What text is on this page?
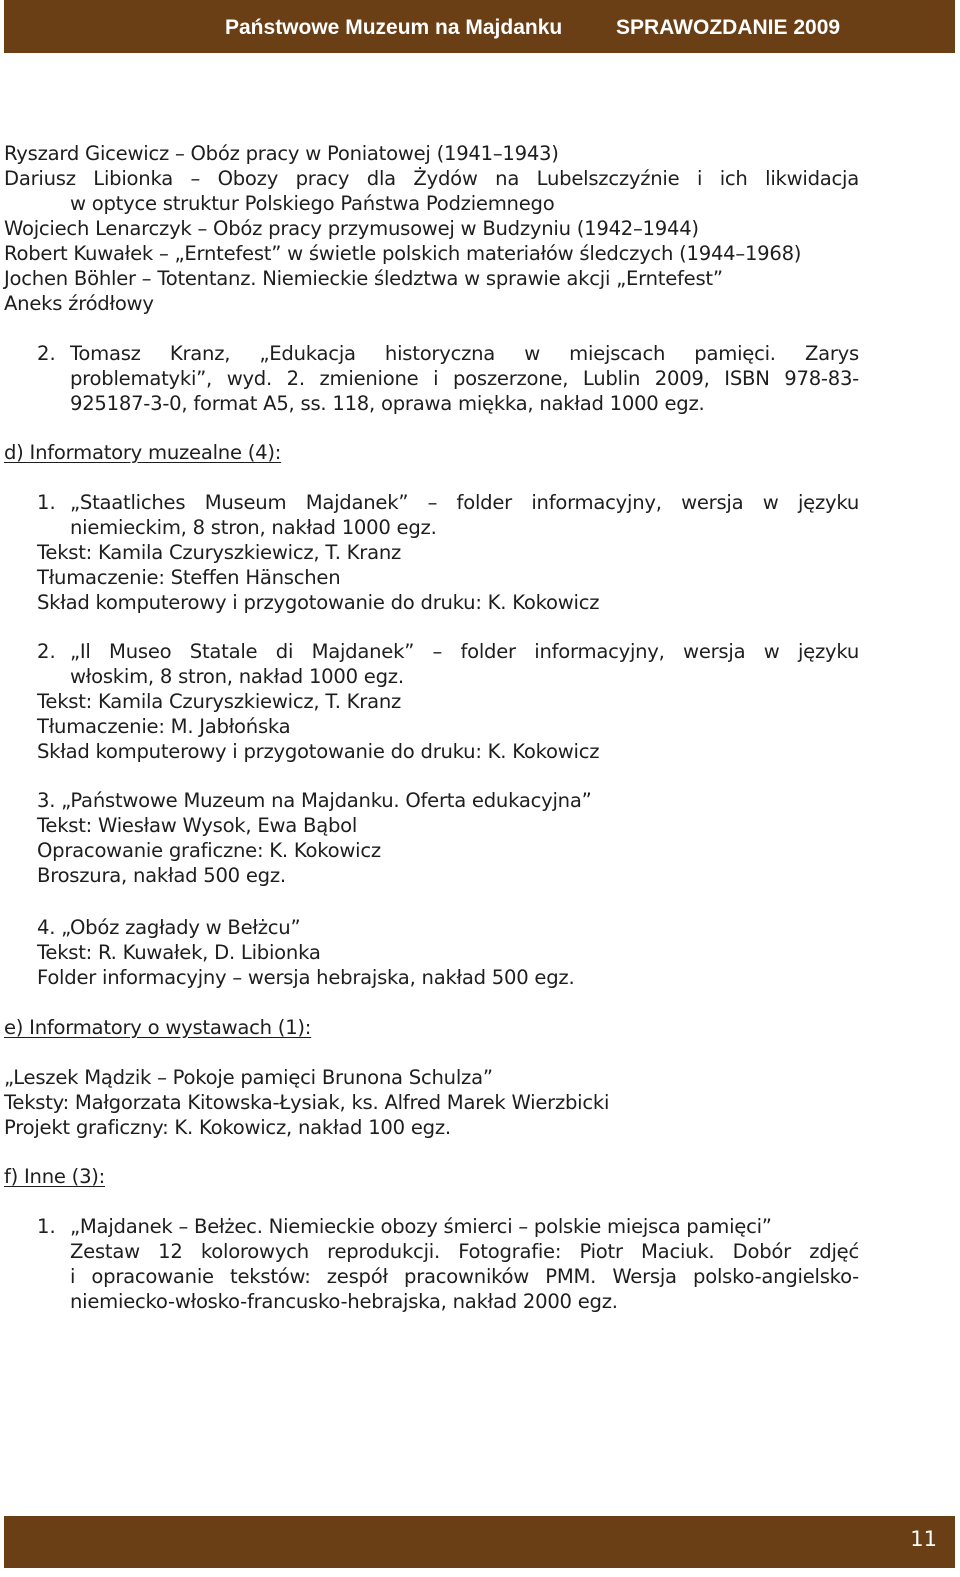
Państwowe Muzeum na Majdanku	SPRAWOZDANIE 2009
Ryszard Gicewicz – Obóz pracy w Poniatowej (1941–1943)
Dariusz Libionka – Obozy pracy dla Żydów na Lubelszczyźnie i ich likwidacja
w optyce struktur Polskiego Państwa Podziemnego
Wojciech Lenarczyk – Obóz pracy przymusowej w Budzyniu (1942–1944)
Robert Kuwałek – „Erntefest” w świetle polskich materiałów śledczych (1944–1968)
Jochen Böhler – Totentanz. Niemieckie śledztwa w sprawie akcji „Erntefest”
Aneks źródłowy
2. Tomasz Kranz, „Edukacja historyczna w miejscach pamięci. Zarys
problematyki”, wyd. 2. zmienione i poszerzone, Lublin 2009, ISBN 978-83-
925187-3-0, format A5, ss. 118, oprawa miękka, nakład 1000 egz.
d) Informatory muzealne (4):
1. „Staatliches Museum Majdanek” – folder informacyjny, wersja w języku
niemieckim, 8 stron, nakład 1000 egz.
Tekst: Kamila Czuryszkiewicz, T. Kranz
Tłumaczenie: Steffen Hänschen
Skład komputerowy i przygotowanie do druku: K. Kokowicz
2. „Il Museo Statale di Majdanek” – folder informacyjny, wersja w języku
włoskim, 8 stron, nakład 1000 egz.
Tekst: Kamila Czuryszkiewicz, T. Kranz
Tłumaczenie: M. Jabłońska
Skład komputerowy i przygotowanie do druku: K. Kokowicz
3. „Państwowe Muzeum na Majdanku. Oferta edukacyjna”
Tekst: Wiesław Wysok, Ewa Bąbol
Opracowanie graficzne: K. Kokowicz
Broszura, nakład 500 egz.
4. „Obóz zagłady w Bełżcu”
Tekst: R. Kuwałek, D. Libionka
Folder informacyjny – wersja hebrajska, nakład 500 egz.
e) Informatory o wystawach (1):
„Leszek Mądzik – Pokoje pamięci Brunona Schulza”
Teksty: Małgorzata Kitowska-Łysiak, ks. Alfred Marek Wierzbicki
Projekt graficzny: K. Kokowicz, nakład 100 egz.
f) Inne (3):
1. „Majdanek – Bełżec. Niemieckie obozy śmierci – polskie miejsca pamięci”
Zestaw 12 kolorowych reprodukcji. Fotografie: Piotr Maciuk. Dobór zdjęć
i opracowanie tekstów: zespół pracowników PMM. Wersja polsko-angielsko-
niemiecko-włosko-francusko-hebrajska, nakład 2000 egz.
11
